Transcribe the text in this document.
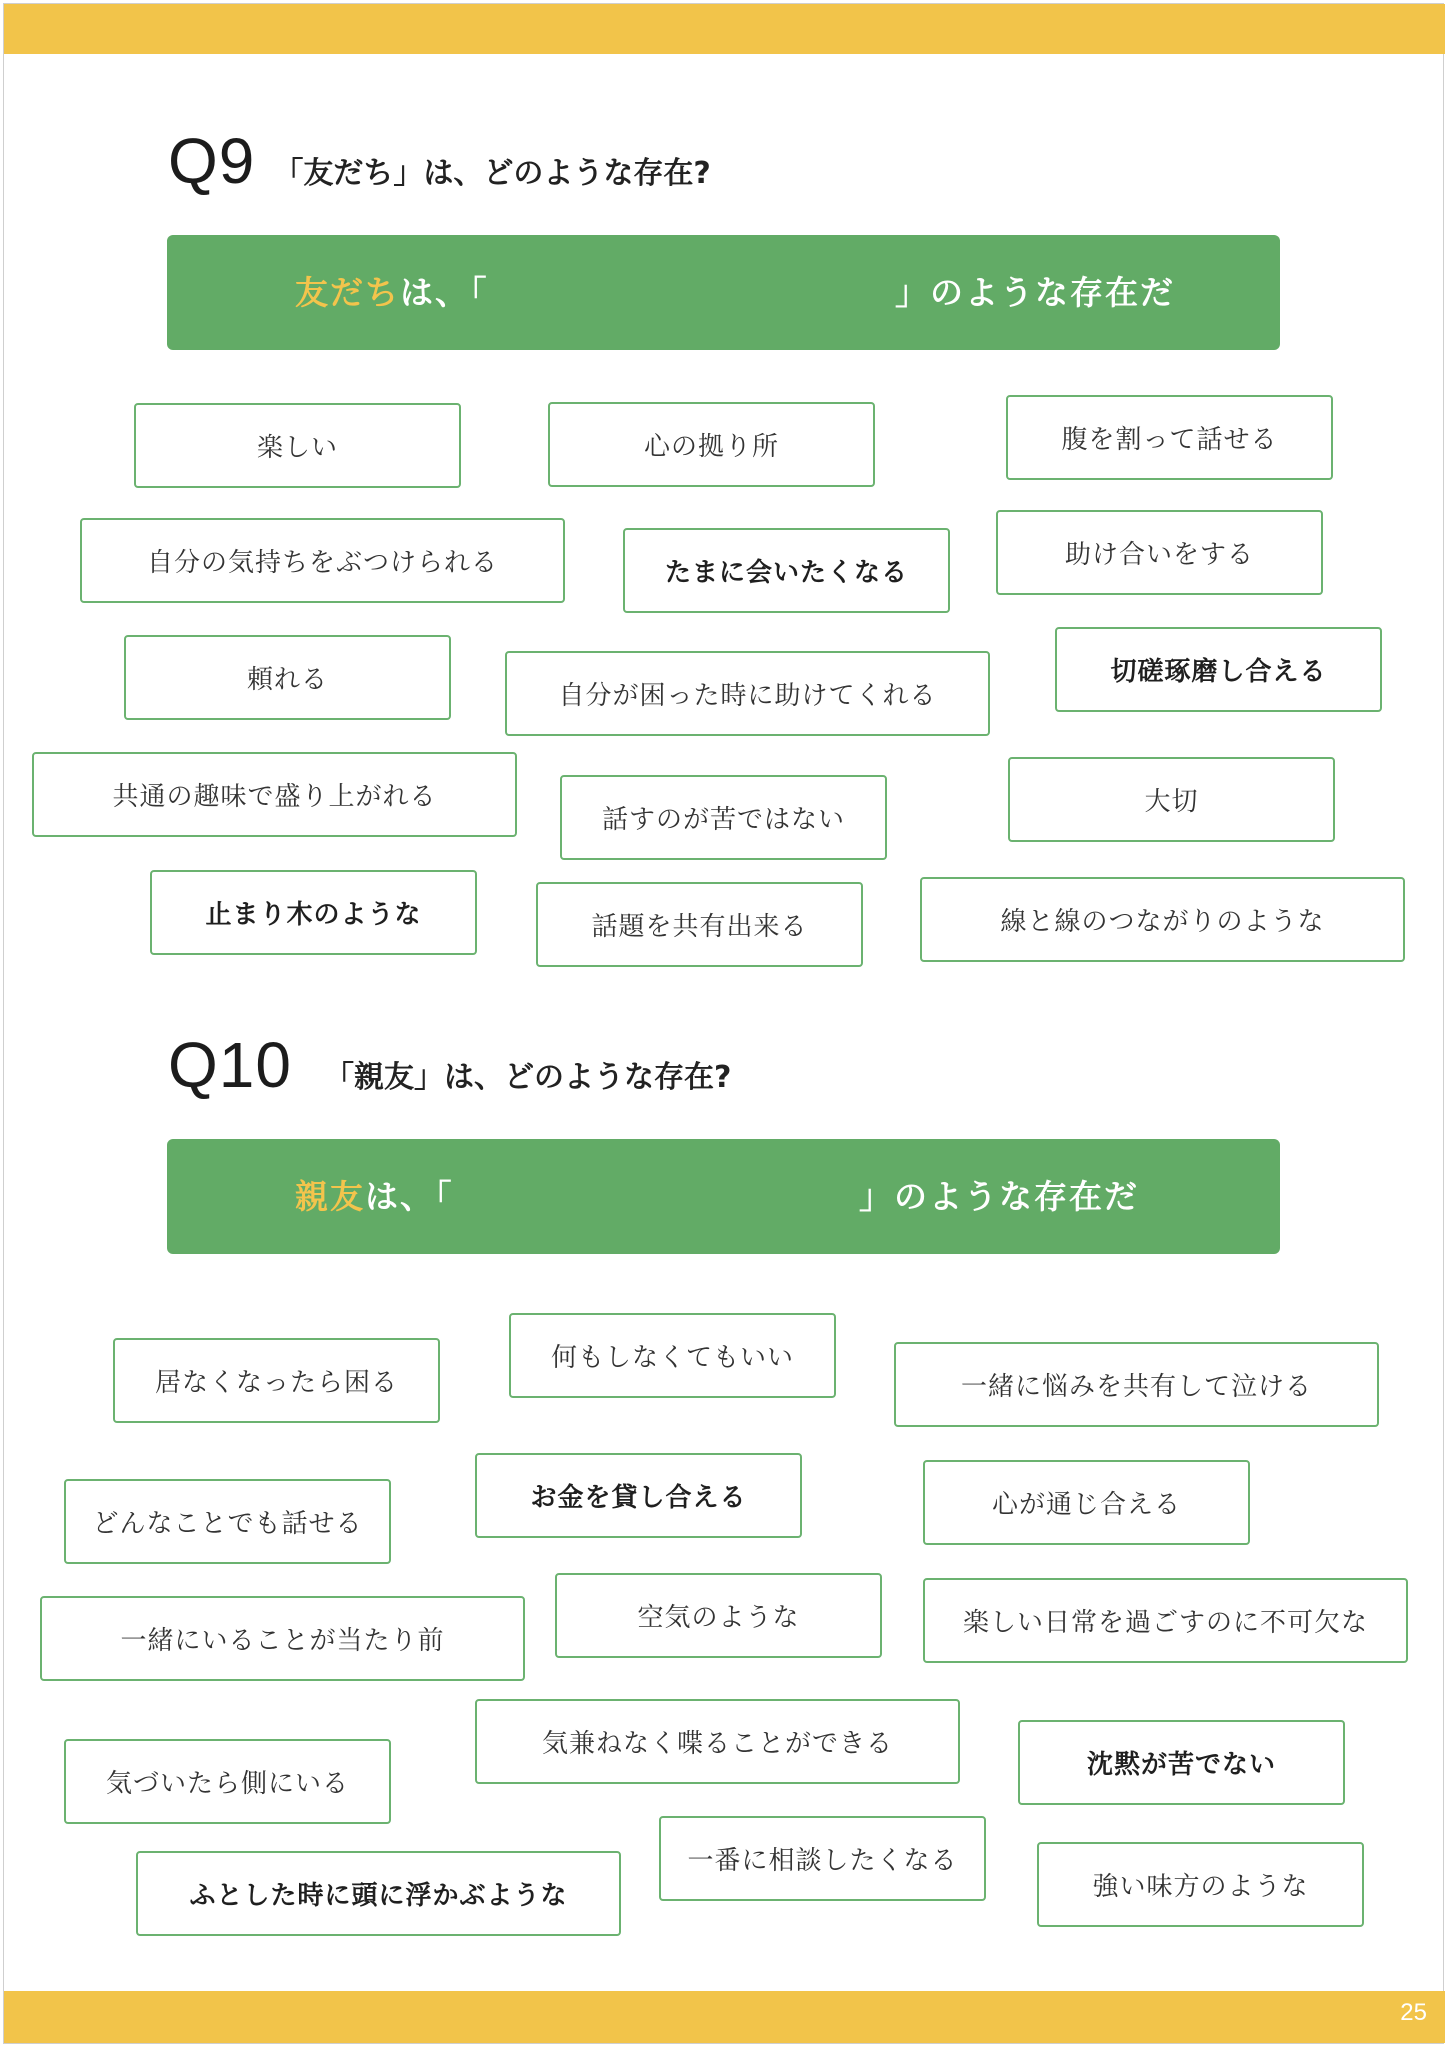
Q9 「友だち」は、どのような存在?
友だちは、「	」のような存在だ
楽しい	心の拠り所	腹を割って話せる
自分の気持ちをぶつけられる	たまに会いたくなる
助け合いをする
頼れる
自分が困った時に助けてくれる
切磋琢磨し合える
共通の趣味で盛り上がれる
話すのが苦ではない
大切
止まり木のような	話題を共有出来る	線と線のつながりのような
Q10 「親友」は、どのような存在?
親友は、「	」のような存在だ
居なくなったら困る
何もしなくてもいい
一緒に悩みを共有して泣ける
どんなことでも話せる
お金を貸し合える	心が通じ合える
一緒にいることが当たり前
空気のような	楽しい日常を過ごすのに不可欠な
気兼ねなく喋ることができる
沈黙が苦でない
気づいたら側にいる
一番に相談したくなる
強い味方のような
ふとした時に頭に浮かぶような
25
